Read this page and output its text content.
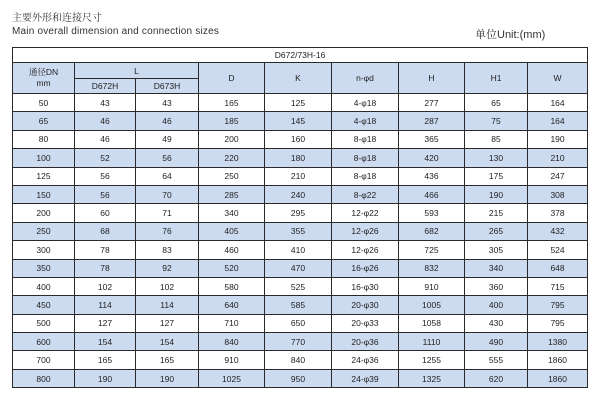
主要外形和连接尺寸
Main overall dimension and connection sizes	单位Unit:(mm)
D672/73H-16								
通径DN
mm	L		D	K	n-φd	H	H1	W
	D672H	D673H						
50	43	43	165	125	4-φ18	277	65	164
65	46	46	185	145	4-φ18	287	75	164
80	46	49	200	160	8-φ18	365	85	190
100	52	56	220	180	8-φ18	420	130	210
125	56	64	250	210	8-φ18	436	175	247
150	56	70	285	240	8-φ22	466	190	308
200	60	71	340	295	12-φ22	593	215	378
250	68	76	405	355	12-φ26	682	265	432
300	78	83	460	410	12-φ26	725	305	524
350	78	92	520	470	16-φ26	832	340	648
400	102	102	580	525	16-φ30	910	360	715
450	114	114	640	585	20-φ30	1005	400	795
500	127	127	710	650	20-φ33	1058	430	795
600	154	154	840	770	20-φ36	1110	490	1380
700	165	165	910	840	24-φ36	1255	555	1860
800	190	190	1025	950	24-φ39	1325	620	1860
